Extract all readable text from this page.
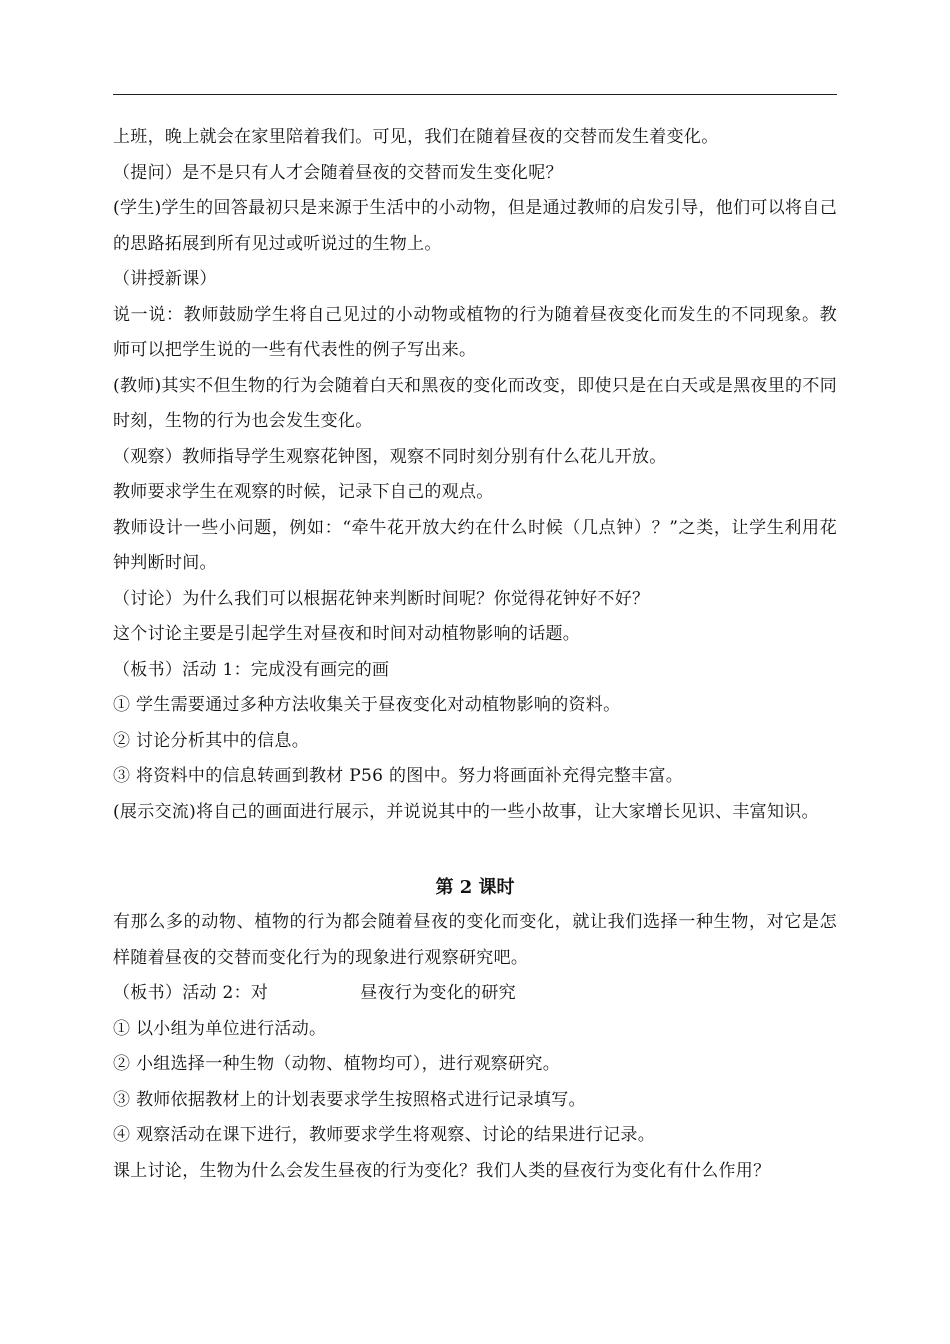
上班，晚上就会在家里陪着我们。可见，我们在随着昼夜的交替而发生着变化。

（提问）是不是只有人才会随着昼夜的交替而发生变化呢？

(学生)学生的回答最初只是来源于生活中的小动物，但是通过教师的启发引导，他们可以将自己的思路拓展到所有见过或听说过的生物上。

（讲授新课）

说一说：教师鼓励学生将自己见过的小动物或植物的行为随着昼夜变化而发生的不同现象。教师可以把学生说的一些有代表性的例子写出来。

(教师)其实不但生物的行为会随着白天和黑夜的变化而改变，即使只是在白天或是黑夜里的不同时刻，生物的行为也会发生变化。

（观察）教师指导学生观察花钟图，观察不同时刻分别有什么花儿开放。

教师要求学生在观察的时候，记录下自己的观点。

教师设计一些小问题，例如：“牵牛花开放大约在什么时候（几点钟）？”之类，让学生利用花钟判断时间。

（讨论）为什么我们可以根据花钟来判断时间呢？你觉得花钟好不好？

这个讨论主要是引起学生对昼夜和时间对动植物影响的话题。

（板书）活动 1：完成没有画完的画

① 学生需要通过多种方法收集关于昼夜变化对动植物影响的资料。

② 讨论分析其中的信息。

③ 将资料中的信息转画到教材 P56 的图中。努力将画面补充得完整丰富。

(展示交流)将自己的画面进行展示，并说说其中的一些小故事，让大家增长见识、丰富知识。

第 2 课时

有那么多的动物、植物的行为都会随着昼夜的变化而变化，就让我们选择一种生物，对它是怎样随着昼夜的交替而变化行为的现象进行观察研究吧。

（板书）活动 2：对	昼夜行为变化的研究

① 以小组为单位进行活动。

② 小组选择一种生物（动物、植物均可），进行观察研究。

③ 教师依据教材上的计划表要求学生按照格式进行记录填写。

④ 观察活动在课下进行，教师要求学生将观察、讨论的结果进行记录。

课上讨论，生物为什么会发生昼夜的行为变化？我们人类的昼夜行为变化有什么作用？
